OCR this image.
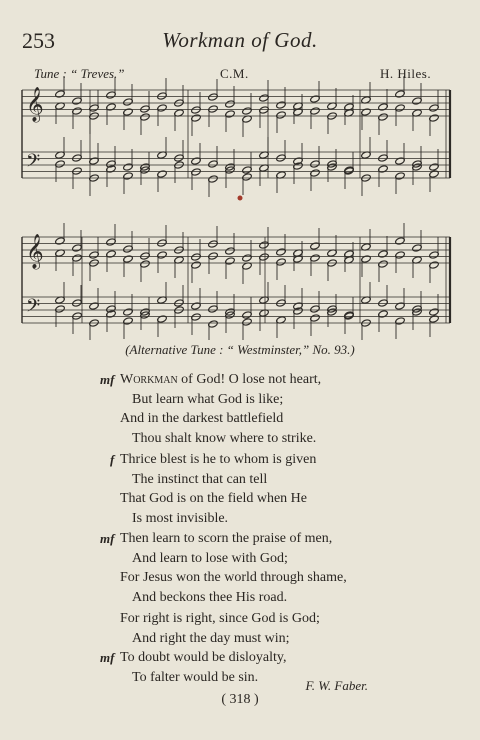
253	Workman of God.
Tune : “ Treves.”	C.M.	H. Hiles.
𝄞
𝄢
𝄞
𝄢
(Alternative Tune : “ Westminster,” No. 93.)
mf Workman of God! O lose not heart,
But learn what God is like;
And in the darkest battlefield
Thou shalt know where to strike.
f Thrice blest is he to whom is given
The instinct that can tell
That God is on the field when He
Is most invisible.
mf Then learn to scorn the praise of men,
And learn to lose with God;
For Jesus won the world through shame,
And beckons thee His road.
For right is right, since God is God;
And right the day must win;
mf To doubt would be disloyalty,
To falter would be sin.
F. W. Faber.
( 318 )
